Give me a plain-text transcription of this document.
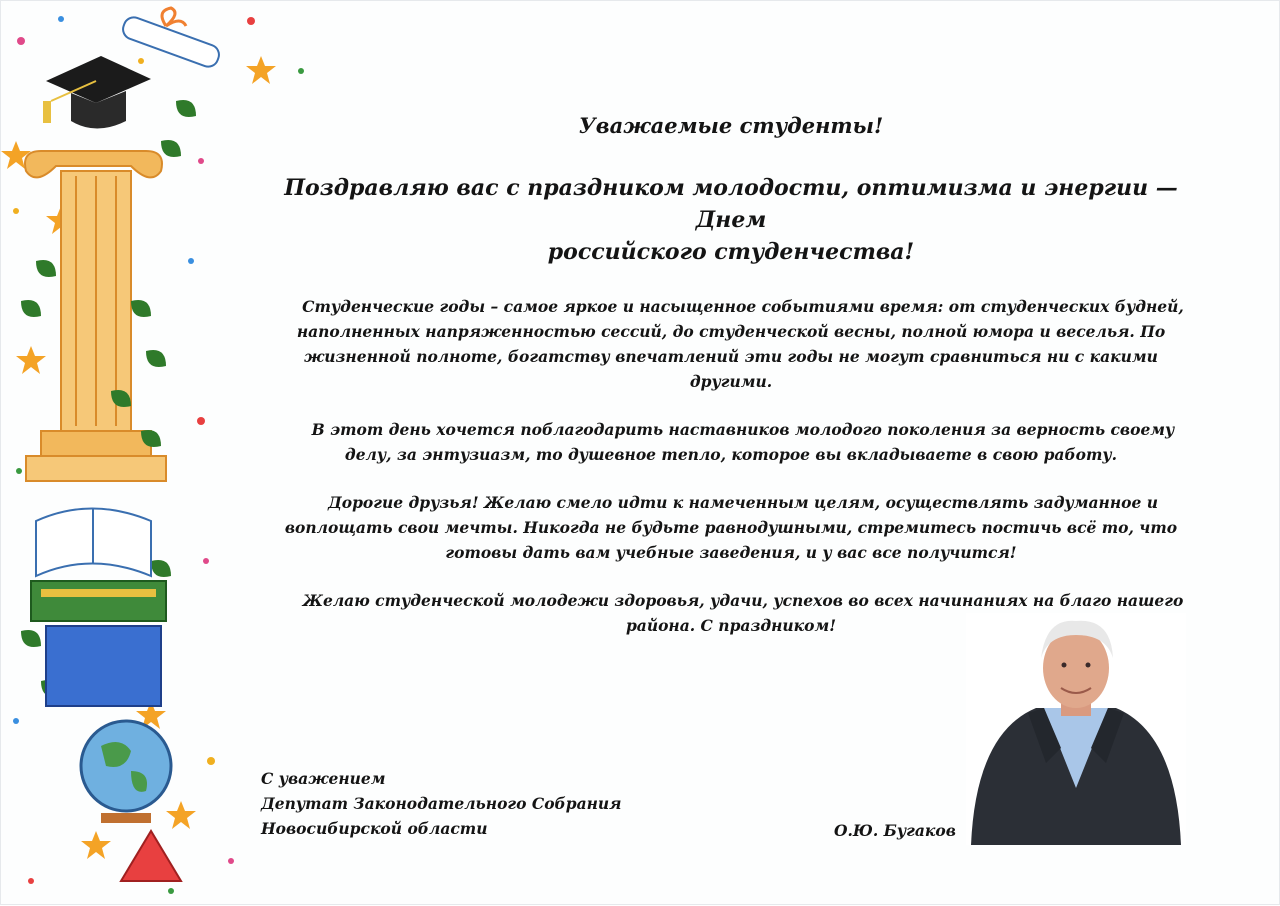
Уважаемые студенты!
Поздравляю вас с праздником молодости, оптимизма и энергии — Днем
российского студенчества!

Студенческие годы – самое яркое и насыщенное событиями время: от студенческих будней, наполненных напряженностью сессий, до студенческой весны, полной юмора и веселья. По жизненной полноте, богатству впечатлений эти годы не могут сравниться ни с какими другими.

В этот день хочется поблагодарить наставников молодого поколения за верность своему делу, за энтузиазм, то душевное тепло, которое вы вкладываете в свою работу.

Дорогие друзья! Желаю смело идти к намеченным целям, осуществлять задуманное и воплощать свои мечты. Никогда не будьте равнодушными, стремитесь постичь всё то, что готовы дать вам учебные заведения, и у вас все получится!

Желаю студенческой молодежи здоровья, удачи, успехов во всех начинаниях на благо нашего района. С праздником!

С уважением
Депутат Законодательного Собрания
Новосибирской области	О.Ю. Бугаков
